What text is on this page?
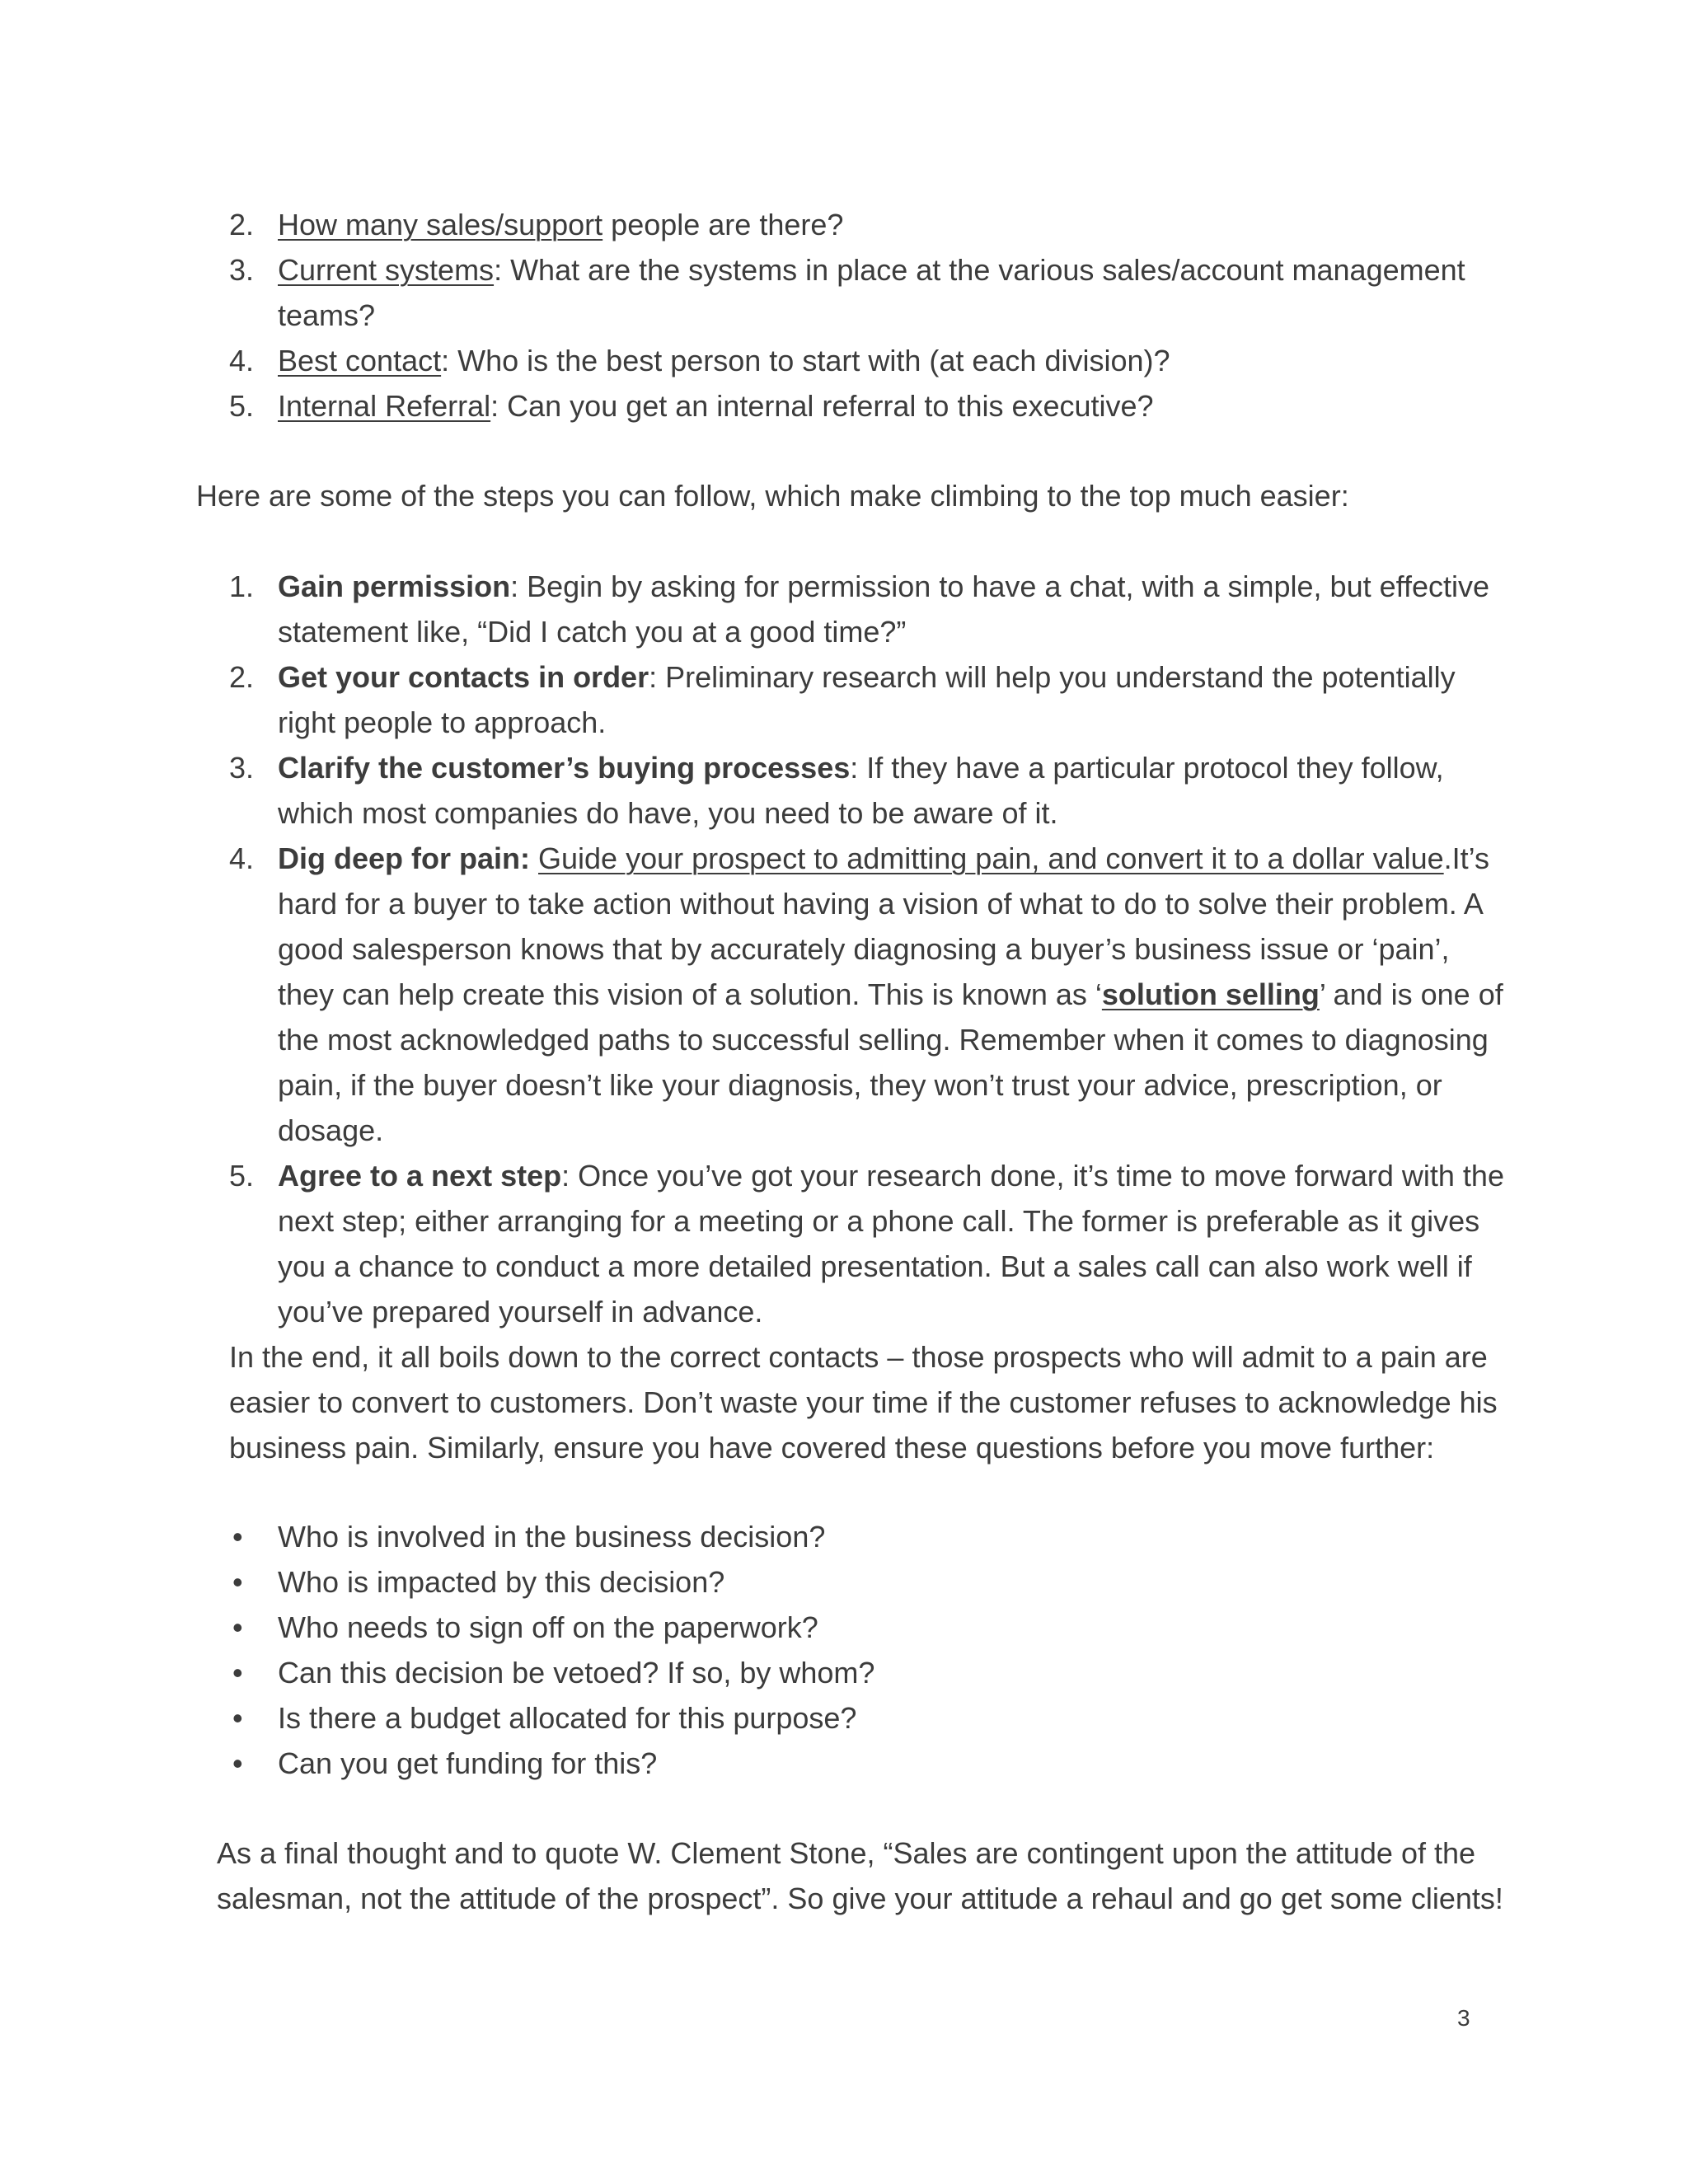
2. How many sales/support people are there?
3. Current systems: What are the systems in place at the various sales/account management teams?
4. Best contact: Who is the best person to start with (at each division)?
5. Internal Referral: Can you get an internal referral to this executive?

Here are some of the steps you can follow, which make climbing to the top much easier:

1. Gain permission: Begin by asking for permission to have a chat, with a simple, but effective statement like, “Did I catch you at a good time?”
2. Get your contacts in order: Preliminary research will help you understand the potentially right people to approach.
3. Clarify the customer’s buying processes: If they have a particular protocol they follow, which most companies do have, you need to be aware of it.
4. Dig deep for pain: Guide your prospect to admitting pain, and convert it to a dollar value.It’s hard for a buyer to take action without having a vision of what to do to solve their problem. A good salesperson knows that by accurately diagnosing a buyer’s business issue or ‘pain’, they can help create this vision of a solution. This is known as ‘solution selling’ and is one of the most acknowledged paths to successful selling. Remember when it comes to diagnosing pain, if the buyer doesn’t like your diagnosis, they won’t trust your advice, prescription, or dosage.
5. Agree to a next step: Once you’ve got your research done, it’s time to move forward with the next step; either arranging for a meeting or a phone call. The former is preferable as it gives you a chance to conduct a more detailed presentation. But a sales call can also work well if you’ve prepared yourself in advance.

In the end, it all boils down to the correct contacts – those prospects who will admit to a pain are easier to convert to customers. Don’t waste your time if the customer refuses to acknowledge his business pain. Similarly, ensure you have covered these questions before you move further:

• Who is involved in the business decision?
• Who is impacted by this decision?
• Who needs to sign off on the paperwork?
• Can this decision be vetoed? If so, by whom?
• Is there a budget allocated for this purpose?
• Can you get funding for this?

As a final thought and to quote W. Clement Stone, “Sales are contingent upon the attitude of the salesman, not the attitude of the prospect”. So give your attitude a rehaul and go get some clients!

3
